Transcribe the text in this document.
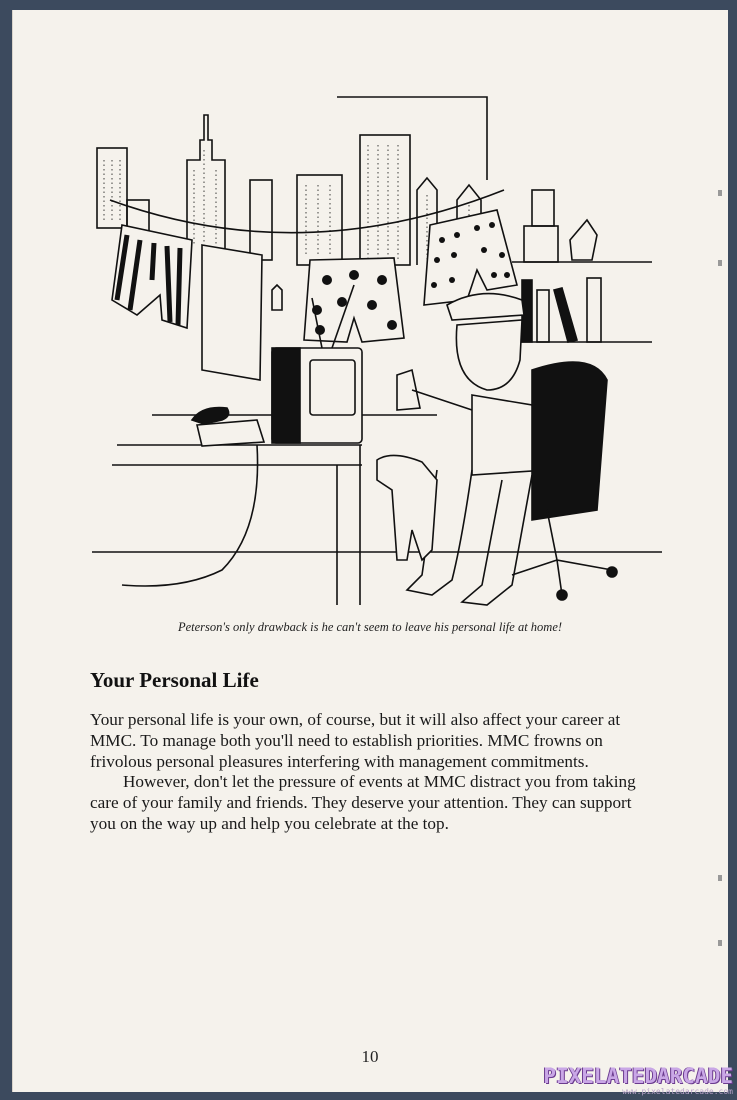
Peterson's only drawback is he can't seem to leave his personal life at home!
Your Personal Life

Your personal life is your own, of course, but it will also affect your career at MMC. To manage both you'll need to establish priorities. MMC frowns on frivolous personal pleasures interfering with management commitments.

However, don't let the pressure of events at MMC distract you from taking care of your family and friends. They deserve your attention. They can support you on the way up and help you celebrate at the top.

10
PIXELATEDARCADE
www.pixelatedarcade.com
